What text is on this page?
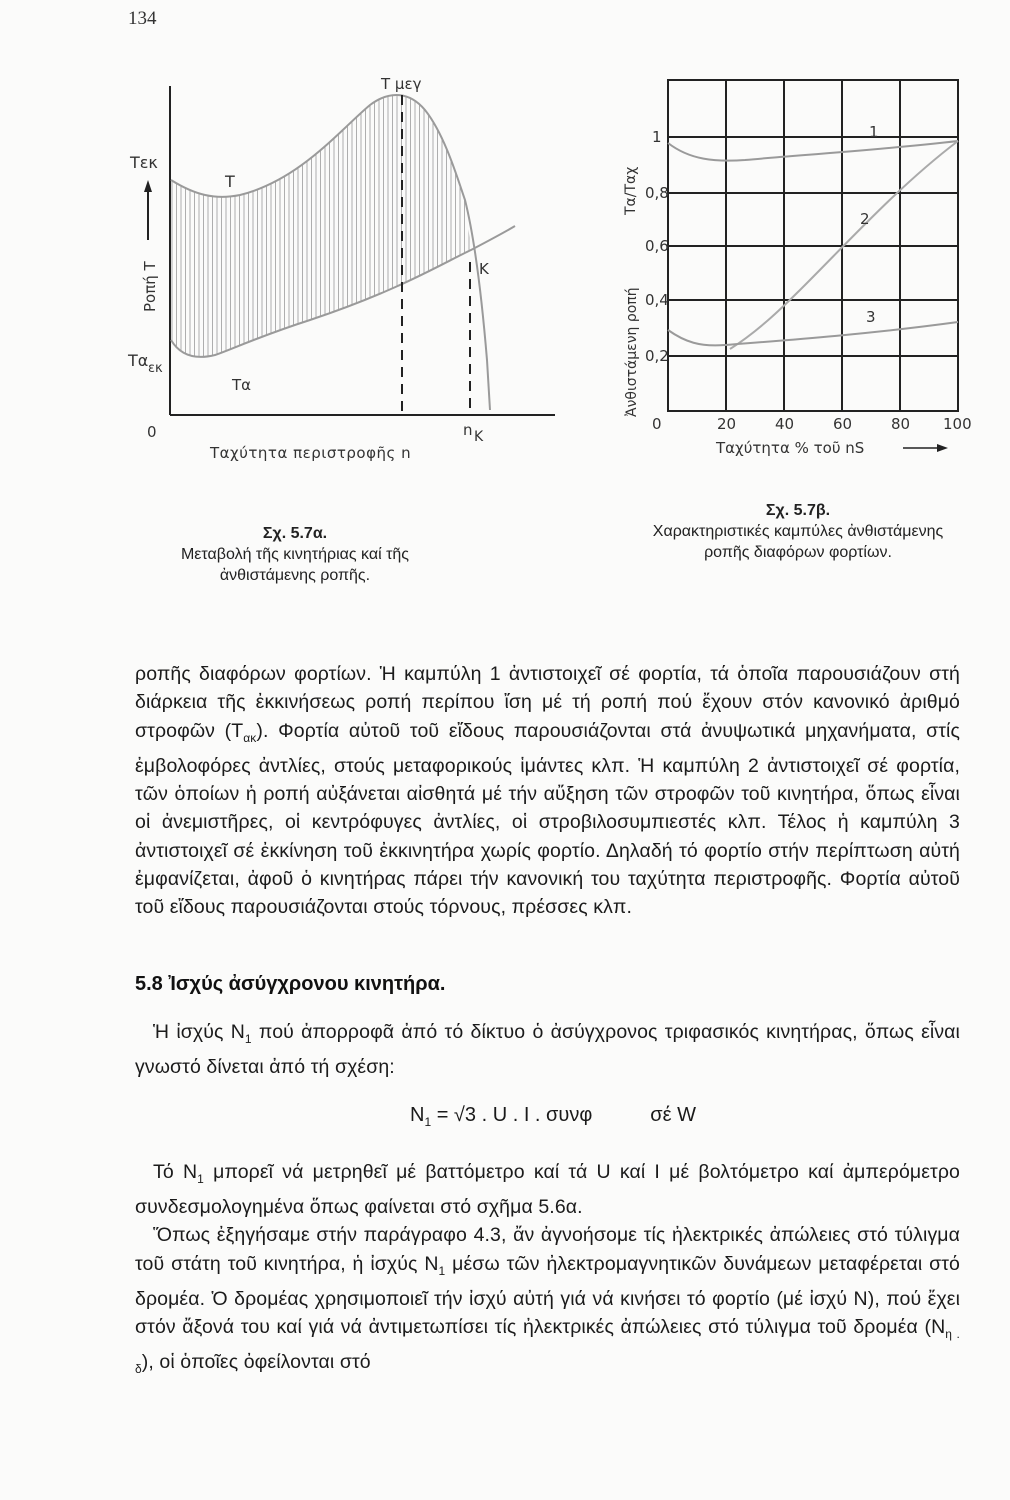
134
Tεκ
T
T μεγ
K
Tα εκ
Tα
0	n K
Ταχύτητα περιστροφῆς n
Ροπή T
1
2
3
1
0,8
0,6
0,4
0,2
0	20	40	60	80 100
Ταχύτητα % τοῦ nS
Ἀνθιστάμενη ροπή
Tα/Tαχ
Σχ. 5.7α.
Μεταβολή τῆς κινητήριας καί τῆς ἀνθιστάμενης ροπῆς.
Σχ. 5.7β.
Χαρακτηριστικές καμπύλες ἀνθιστάμενης
ροπῆς διαφόρων φορτίων.

ροπῆς διαφόρων φορτίων. Ἡ καμπύλη 1 ἀντιστοιχεῖ σέ φορτία, τά ὁποῖα παρουσιάζουν στή διάρκεια τῆς ἐκκινήσεως ροπή περίπου ἴση μέ τή ροπή πού ἔχουν στόν κανονικό ἀριθμό στροφῶν $(T_{\alpha\kappa})$. Φορτία αὐτοῦ τοῦ εἴδους παρουσιάζονται στά ἀνυψωτικά μηχανήματα, στίς ἐμβολοφόρες ἀντλίες, στούς μεταφορικούς ἱμάντες κλπ. Ἡ καμπύλη 2 ἀντιστοιχεῖ σέ φορτία, τῶν ὁποίων ἡ ροπή αὐξάνεται αἰσθητά μέ τήν αὔξηση τῶν στροφῶν τοῦ κινητήρα, ὅπως εἶναι οἱ ἀνεμιστῆρες, οἱ κεντρόφυγες ἀντλίες, οἱ στροβιλοσυμπιεστές κλπ. Τέλος ἡ καμπύλη 3 ἀντιστοιχεῖ σέ ἐκκίνηση τοῦ ἐκκινητήρα χωρίς φορτίο. Δηλαδή τό φορτίο στήν περίπτωση αὐτή ἐμφανίζεται, ἀφοῦ ὁ κινητήρας πάρει τήν κανονική του ταχύτητα περιστροφῆς. Φορτία αὐτοῦ τοῦ εἴδους παρουσιάζονται στούς τόρνους, πρέσσες κλπ.

5.8 Ἰσχύς ἀσύγχρονου κινητήρα.

Ἡ ἰσχύς $N_1$ πού ἀπορροφᾶ ἀπό τό δίκτυο ὁ ἀσύγχρονος τριφασικός κινητήρας, ὅπως εἶναι γνωστό δίνεται ἀπό τή σχέση:

$N_1 = √3$ . U . I . συνφ	σέ W

Τό $N_1$ μπορεῖ νά μετρηθεῖ μέ βαττόμετρο καί τά U καί I μέ βολτόμετρο καί ἀμπερόμετρο συνδεσμολογημένα ὅπως φαίνεται στό σχῆμα 5.6α.

Ὅπως ἐξηγήσαμε στήν παράγραφο 4.3, ἄν ἀγνοήσομε τίς ἠλεκτρικές ἀπώλειες στό τύλιγμα τοῦ στάτη τοῦ κινητήρα, ἡ ἰσχύς $N_1$ μέσω τῶν ἠλεκτρομαγνητικῶν δυνάμεων μεταφέρεται στό δρομέα. Ὁ δρομέας χρησιμοποιεῖ τήν ἰσχύ αὐτή γιά νά κινήσει τό φορτίο (μέ ἰσχύ N), πού ἔχει στόν ἄξονά του καί γιά νά ἀντιμετωπίσει τίς ἠλεκτρικές ἀπώλειες στό τύλιγμα τοῦ δρομέα $(N_{\eta . \delta})$, οἱ ὁποῖες ὀφείλονται στό
